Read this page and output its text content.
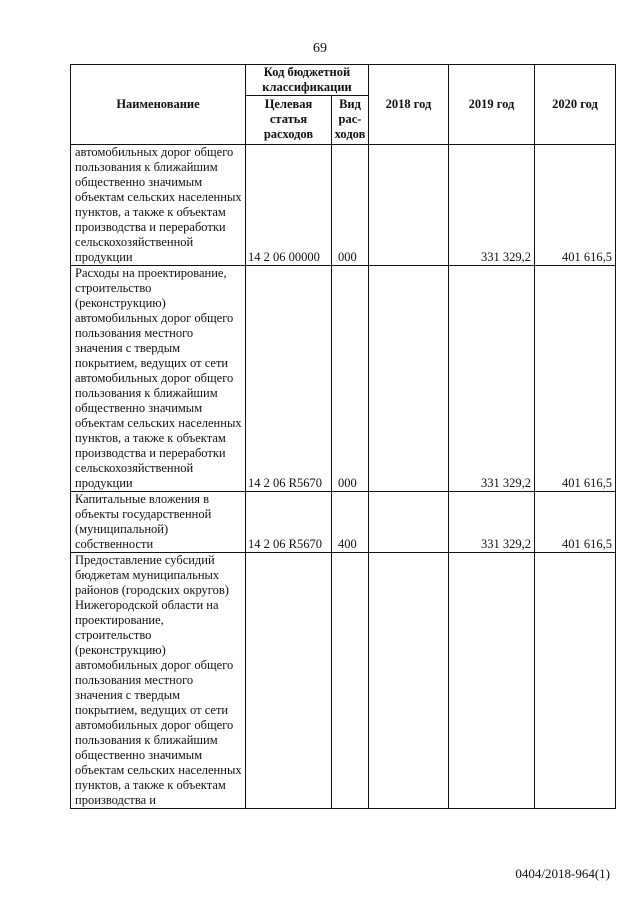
69
Наименование	Код бюджетной классификации		2018 год	2019 год	2020 год
	Целевая статья расходов	Вид рас- ходов			
автомобильных дорог общего пользования к ближайшим общественно значимым объектам сельских населенных пунктов, а также к объектам производства и переработки сельскохозяйственной продукции	14 2 06 00000	000		331 329,2	401 616,5
Расходы на проектирование, строительство (реконструкцию) автомобильных дорог общего пользования местного значения с твердым покрытием, ведущих от сети автомобильных дорог общего пользования к ближайшим общественно значимым объектам сельских населенных пунктов, а также к объектам производства и переработки сельскохозяйственной продукции	14 2 06 R5670	000		331 329,2	401 616,5
Капитальные вложения в объекты государственной (муниципальной) собственности	14 2 06 R5670	400		331 329,2	401 616,5
Предоставление субсидий бюджетам муниципальных районов (городских округов) Нижегородской области на проектирование, строительство (реконструкцию) автомобильных дорог общего пользования местного значения с твердым покрытием, ведущих от сети автомобильных дорог общего пользования к ближайшим общественно значимым объектам сельских населенных пунктов, а также к объектам производства и					
0404/2018-964(1)
